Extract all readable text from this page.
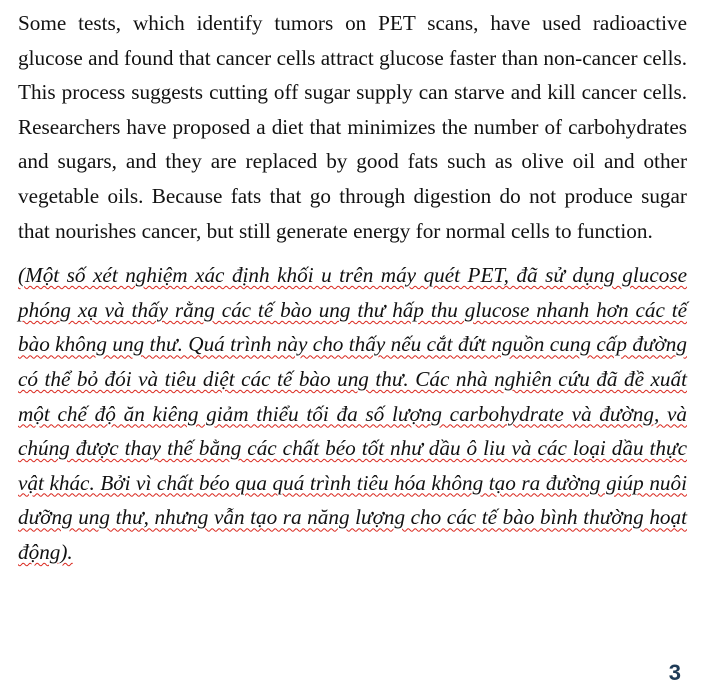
Some tests, which identify tumors on PET scans, have used radioactive glucose and found that cancer cells attract glucose faster than non-cancer cells. This process suggests cutting off sugar supply can starve and kill cancer cells. Researchers have proposed a diet that minimizes the number of carbohydrates and sugars, and they are replaced by good fats such as olive oil and other vegetable oils. Because fats that go through digestion do not produce sugar that nourishes cancer, but still generate energy for normal cells to function.

(Một số xét nghiệm xác định khối u trên máy quét PET, đã sử dụng glucose phóng xạ và thấy rằng các tế bào ung thư hấp thu glucose nhanh hơn các tế bào không ung thư. Quá trình này cho thấy nếu cắt đứt nguồn cung cấp đường có thể bỏ đói và tiêu diệt các tế bào ung thư. Các nhà nghiên cứu đã đề xuất một chế độ ăn kiêng giảm thiểu tối đa số lượng carbohydrate và đường, và chúng được thay thế bằng các chất béo tốt như dầu ô liu và các loại dầu thực vật khác. Bởi vì chất béo qua quá trình tiêu hóa không tạo ra đường giúp nuôi dưỡng ung thư, nhưng vẫn tạo ra năng lượng cho các tế bào bình thường hoạt động).

3
